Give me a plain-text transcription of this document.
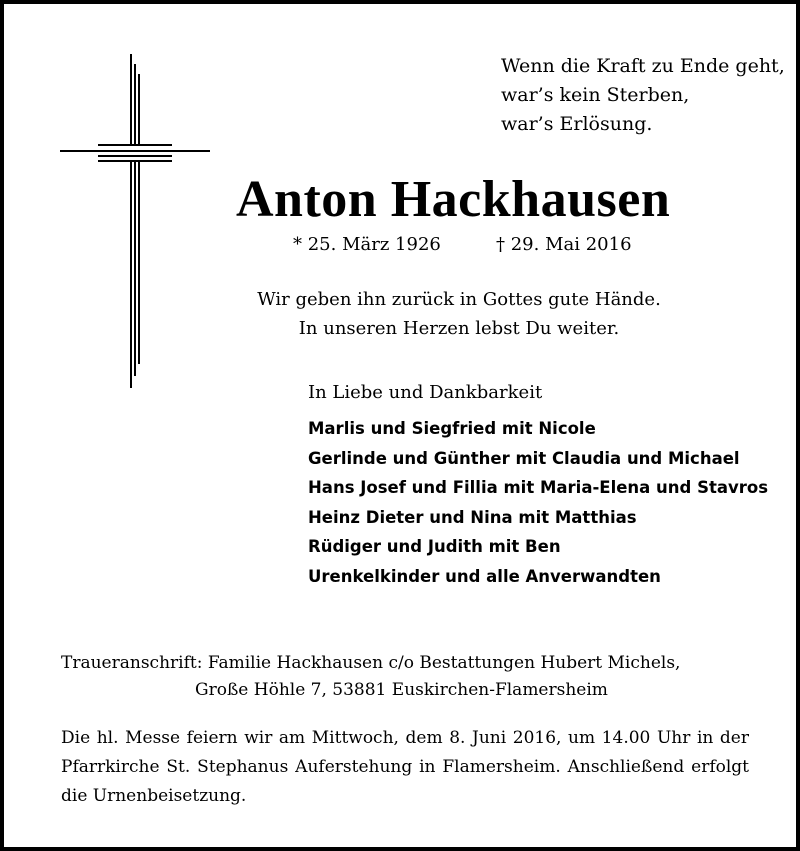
Wenn die Kraft zu Ende geht,
war’s kein Sterben,
war’s Erlösung.
Anton Hackhausen
* 25. März 1926	† 29. Mai 2016
Wir geben ihn zurück in Gottes gute Hände.
In unseren Herzen lebst Du weiter.
In Liebe und Dankbarkeit
Marlis und Siegfried mit Nicole
Gerlinde und Günther mit Claudia und Michael
Hans Josef und Fillia mit Maria-Elena und Stavros
Heinz Dieter und Nina mit Matthias
Rüdiger und Judith mit Ben
Urenkelkinder und alle Anverwandten
Traueranschrift: Familie Hackhausen c/o Bestattungen Hubert Michels,
Große Höhle 7, 53881 Euskirchen-Flamersheim
Die hl. Messe feiern wir am Mittwoch, dem 8. Juni 2016, um 14.00 Uhr in der Pfarrkirche St. Stephanus Auferstehung in Flamersheim. Anschließend erfolgt die Urnenbeisetzung.
